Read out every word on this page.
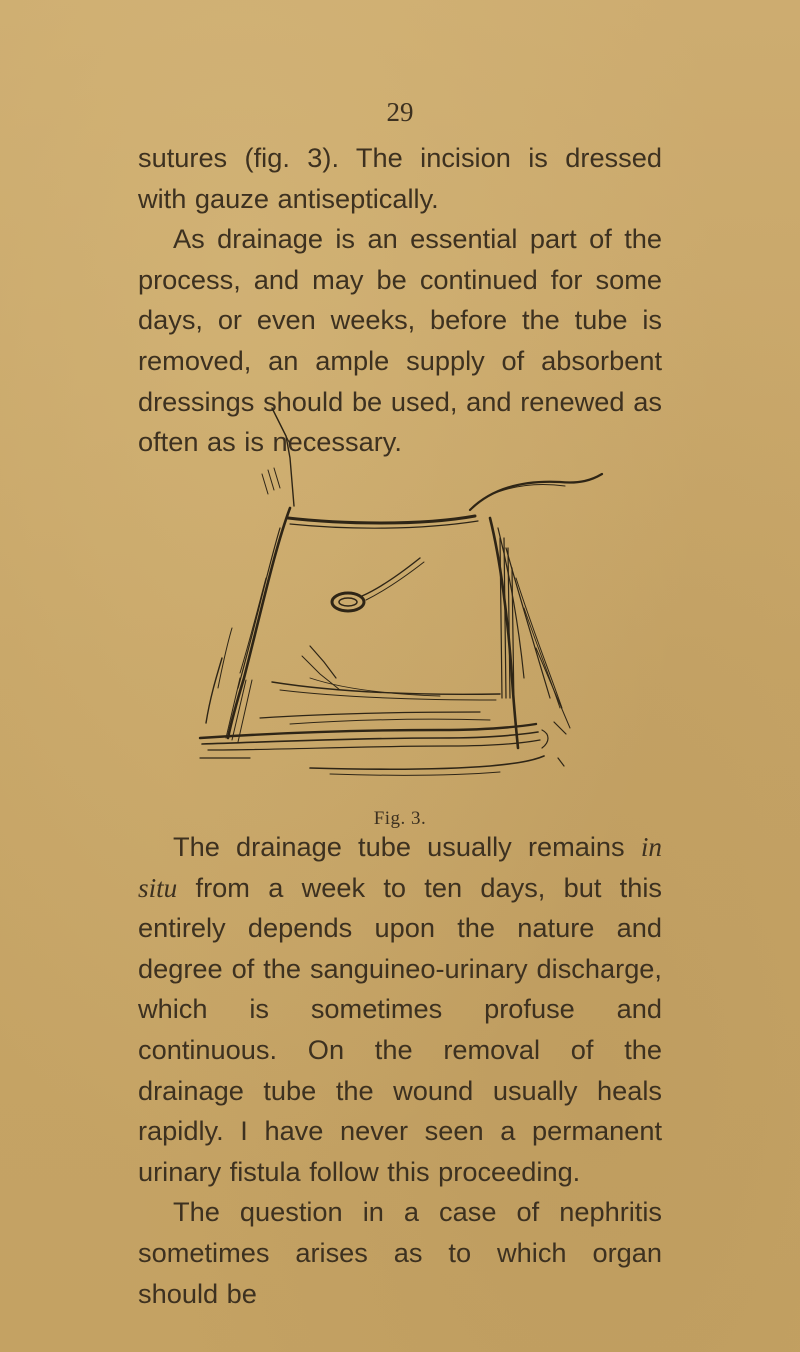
29

sutures (fig. 3). The incision is dressed with gauze antiseptically.

As drainage is an essential part of the process, and may be continued for some days, or even weeks, before the tube is removed, an ample supply of absorbent dressings should be used, and renewed as often as is necessary.

Fig. 3.

The drainage tube usually remains in situ from a week to ten days, but this entirely depends upon the nature and degree of the sanguineo-urinary discharge, which is sometimes profuse and continuous. On the removal of the drainage tube the wound usually heals rapidly. I have never seen a permanent urinary fistula follow this proceeding.

The question in a case of nephritis sometimes arises as to which organ should be
